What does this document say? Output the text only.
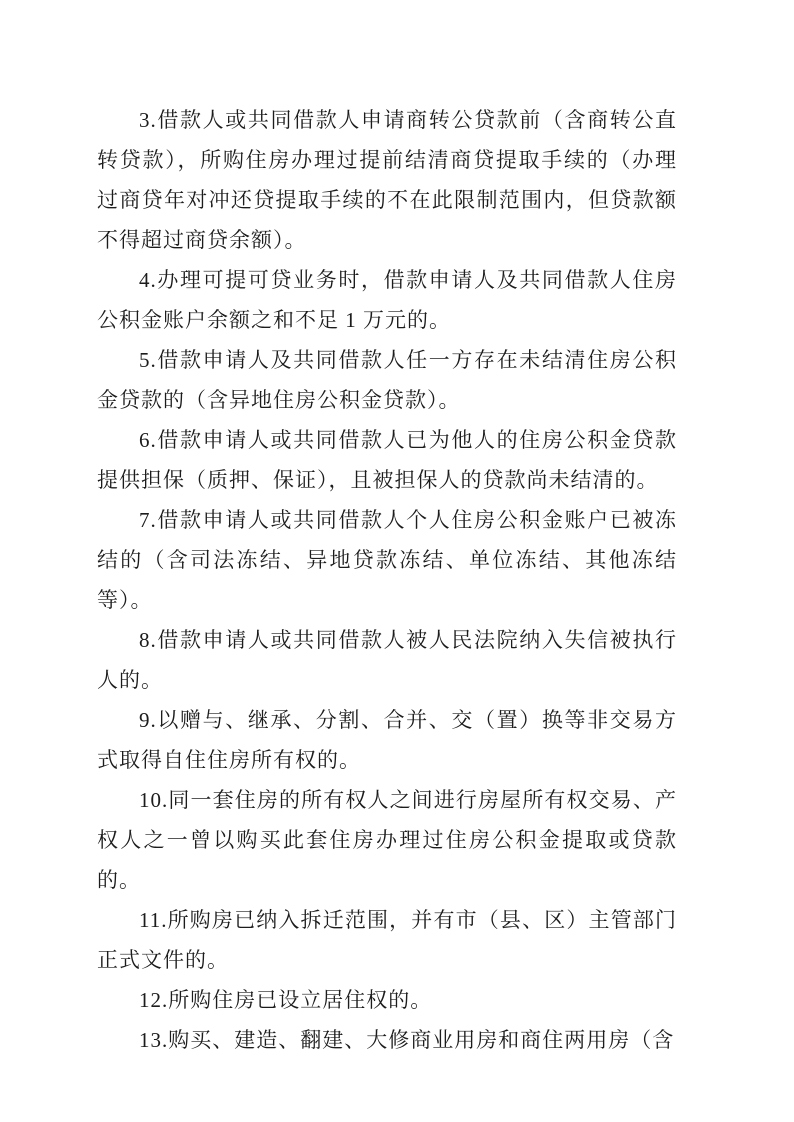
3.借款人或共同借款人申请商转公贷款前（含商转公直转贷款），所购住房办理过提前结清商贷提取手续的（办理过商贷年对冲还贷提取手续的不在此限制范围内，但贷款额不得超过商贷余额）。

4.办理可提可贷业务时，借款申请人及共同借款人住房公积金账户余额之和不足 1 万元的。

5.借款申请人及共同借款人任一方存在未结清住房公积金贷款的（含异地住房公积金贷款）。

6.借款申请人或共同借款人已为他人的住房公积金贷款提供担保（质押、保证），且被担保人的贷款尚未结清的。

7.借款申请人或共同借款人个人住房公积金账户已被冻结的（含司法冻结、异地贷款冻结、单位冻结、其他冻结等）。

8.借款申请人或共同借款人被人民法院纳入失信被执行人的。

9.以赠与、继承、分割、合并、交（置）换等非交易方式取得自住住房所有权的。

10.同一套住房的所有权人之间进行房屋所有权交易、产权人之一曾以购买此套住房办理过住房公积金提取或贷款的。

11.所购房已纳入拆迁范围，并有市（县、区）主管部门正式文件的。

12.所购住房已设立居住权的。

13.购买、建造、翻建、大修商业用房和商住两用房（含
